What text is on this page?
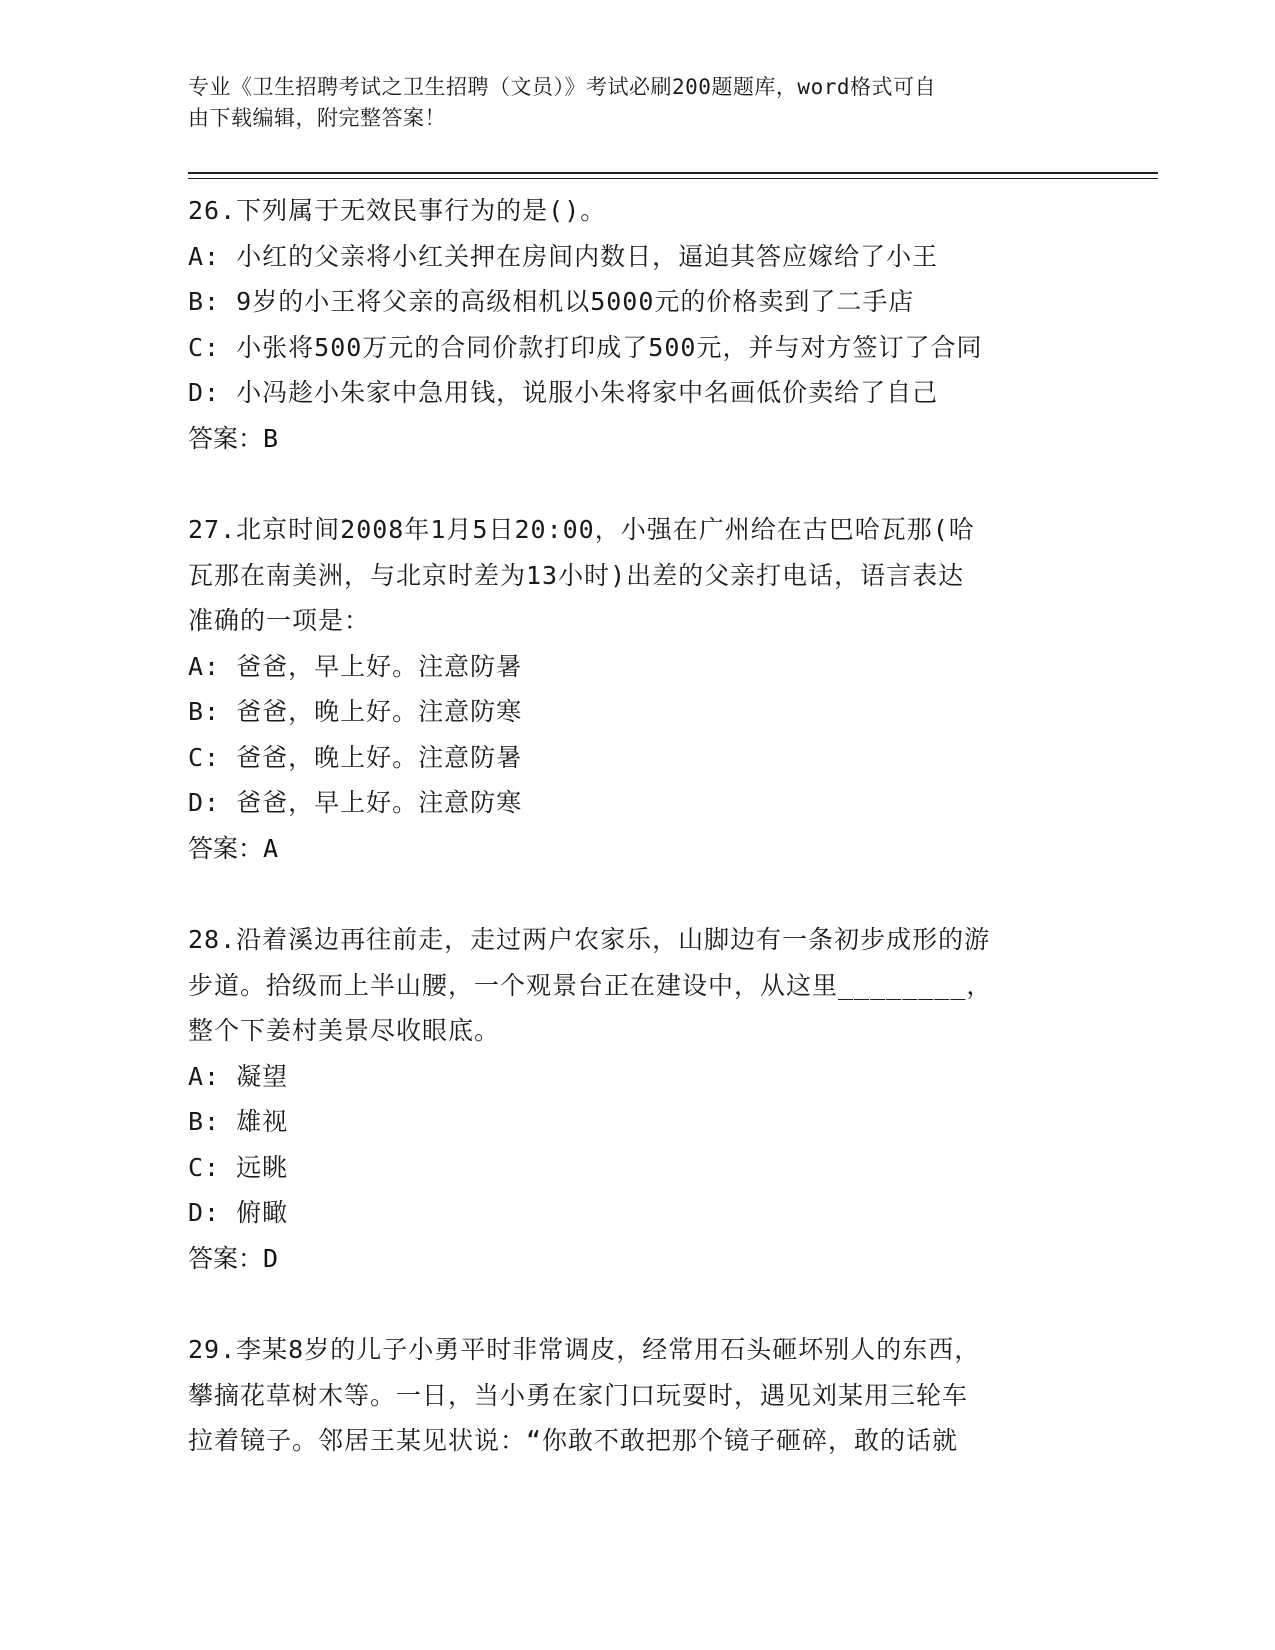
专业《卫生招聘考试之卫生招聘（文员）》考试必刷200题题库，word格式可自
由下载编辑，附完整答案！
26.下列属于无效民事行为的是()。
A: 小红的父亲将小红关押在房间内数日，逼迫其答应嫁给了小王
B: 9岁的小王将父亲的高级相机以5000元的价格卖到了二手店
C: 小张将500万元的合同价款打印成了500元，并与对方签订了合同
D: 小冯趁小朱家中急用钱，说服小朱将家中名画低价卖给了自己
答案：B
27.北京时间2008年1月5日20:00，小强在广州给在古巴哈瓦那(哈
瓦那在南美洲，与北京时差为13小时)出差的父亲打电话，语言表达
准确的一项是：
A: 爸爸，早上好。注意防暑
B: 爸爸，晚上好。注意防寒
C: 爸爸，晚上好。注意防暑
D: 爸爸，早上好。注意防寒
答案：A
28.沿着溪边再往前走，走过两户农家乐，山脚边有一条初步成形的游
步道。拾级而上半山腰，一个观景台正在建设中，从这里________，
整个下姜村美景尽收眼底。
A: 凝望
B: 雄视
C: 远眺
D: 俯瞰
答案：D
29.李某8岁的儿子小勇平时非常调皮，经常用石头砸坏别人的东西，
攀摘花草树木等。一日，当小勇在家门口玩耍时，遇见刘某用三轮车
拉着镜子。邻居王某见状说：“你敢不敢把那个镜子砸碎，敢的话就
